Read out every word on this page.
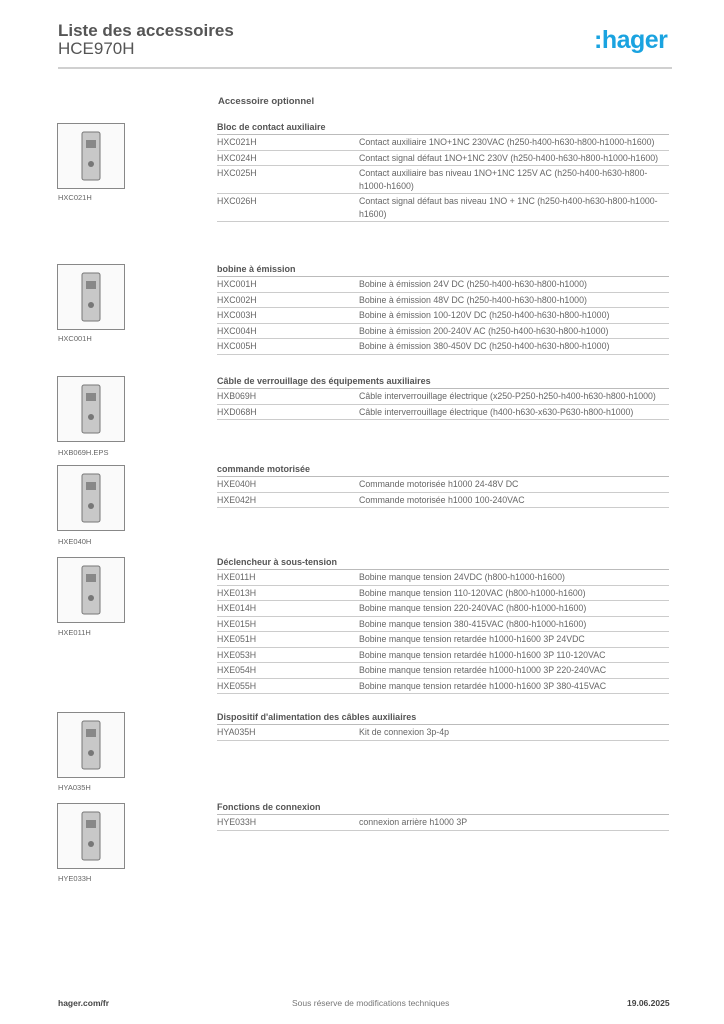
Liste des accessoires
HCE970H	:hager
Accessoire optionnel
Bloc de contact auxiliaire
HXC021H	Contact auxiliaire 1NO+1NC 230VAC (h250-h400-h630-h800-h1000-h1600)
HXC024H	Contact signal défaut 1NO+1NC 230V (h250-h400-h630-h800-h1000-h1600)
HXC025H	Contact auxiliaire bas niveau 1NO+1NC 125V AC (h250-h400-h630-h800-h1000-h1600)
HXC026H	Contact signal défaut bas niveau 1NO + 1NC (h250-h400-h630-h800-h1000-h1600)
HXC021H
bobine à émission
HXC001H	Bobine à émission 24V DC (h250-h400-h630-h800-h1000)
HXC002H	Bobine à émission 48V DC (h250-h400-h630-h800-h1000)
HXC003H	Bobine à émission 100-120V DC (h250-h400-h630-h800-h1000)
HXC004H	Bobine à émission 200-240V AC (h250-h400-h630-h800-h1000)
HXC005H	Bobine à émission 380-450V DC (h250-h400-h630-h800-h1000)
HXC001H
Câble de verrouillage des équipements auxiliaires
HXB069H	Câble interverrouillage électrique (x250-P250-h250-h400-h630-h800-h1000)
HXD068H	Câble interverrouillage électrique (h400-h630-x630-P630-h800-h1000)
HXB069H.EPS
commande motorisée
HXE040H	Commande motorisée h1000 24-48V DC
HXE042H	Commande motorisée h1000 100-240VAC
HXE040H
Déclencheur à sous-tension
HXE011H	Bobine manque tension 24VDC (h800-h1000-h1600)
HXE013H	Bobine manque tension 110-120VAC (h800-h1000-h1600)
HXE014H	Bobine manque tension 220-240VAC (h800-h1000-h1600)
HXE015H	Bobine manque tension 380-415VAC (h800-h1000-h1600)
HXE051H	Bobine manque tension retardée h1000-h1600 3P 24VDC
HXE053H	Bobine manque tension retardée h1000-h1600 3P 110-120VAC
HXE054H	Bobine manque tension retardée h1000-h1000 3P 220-240VAC
HXE055H	Bobine manque tension retardée h1000-h1600 3P 380-415VAC
HXE011H
Dispositif d'alimentation des câbles auxiliaires
HYA035H	Kit de connexion 3p-4p
HYA035H
Fonctions de connexion
HYE033H	connexion arrière h1000 3P
HYE033H
hager.com/fr	Sous réserve de modifications techniques	19.06.2025
